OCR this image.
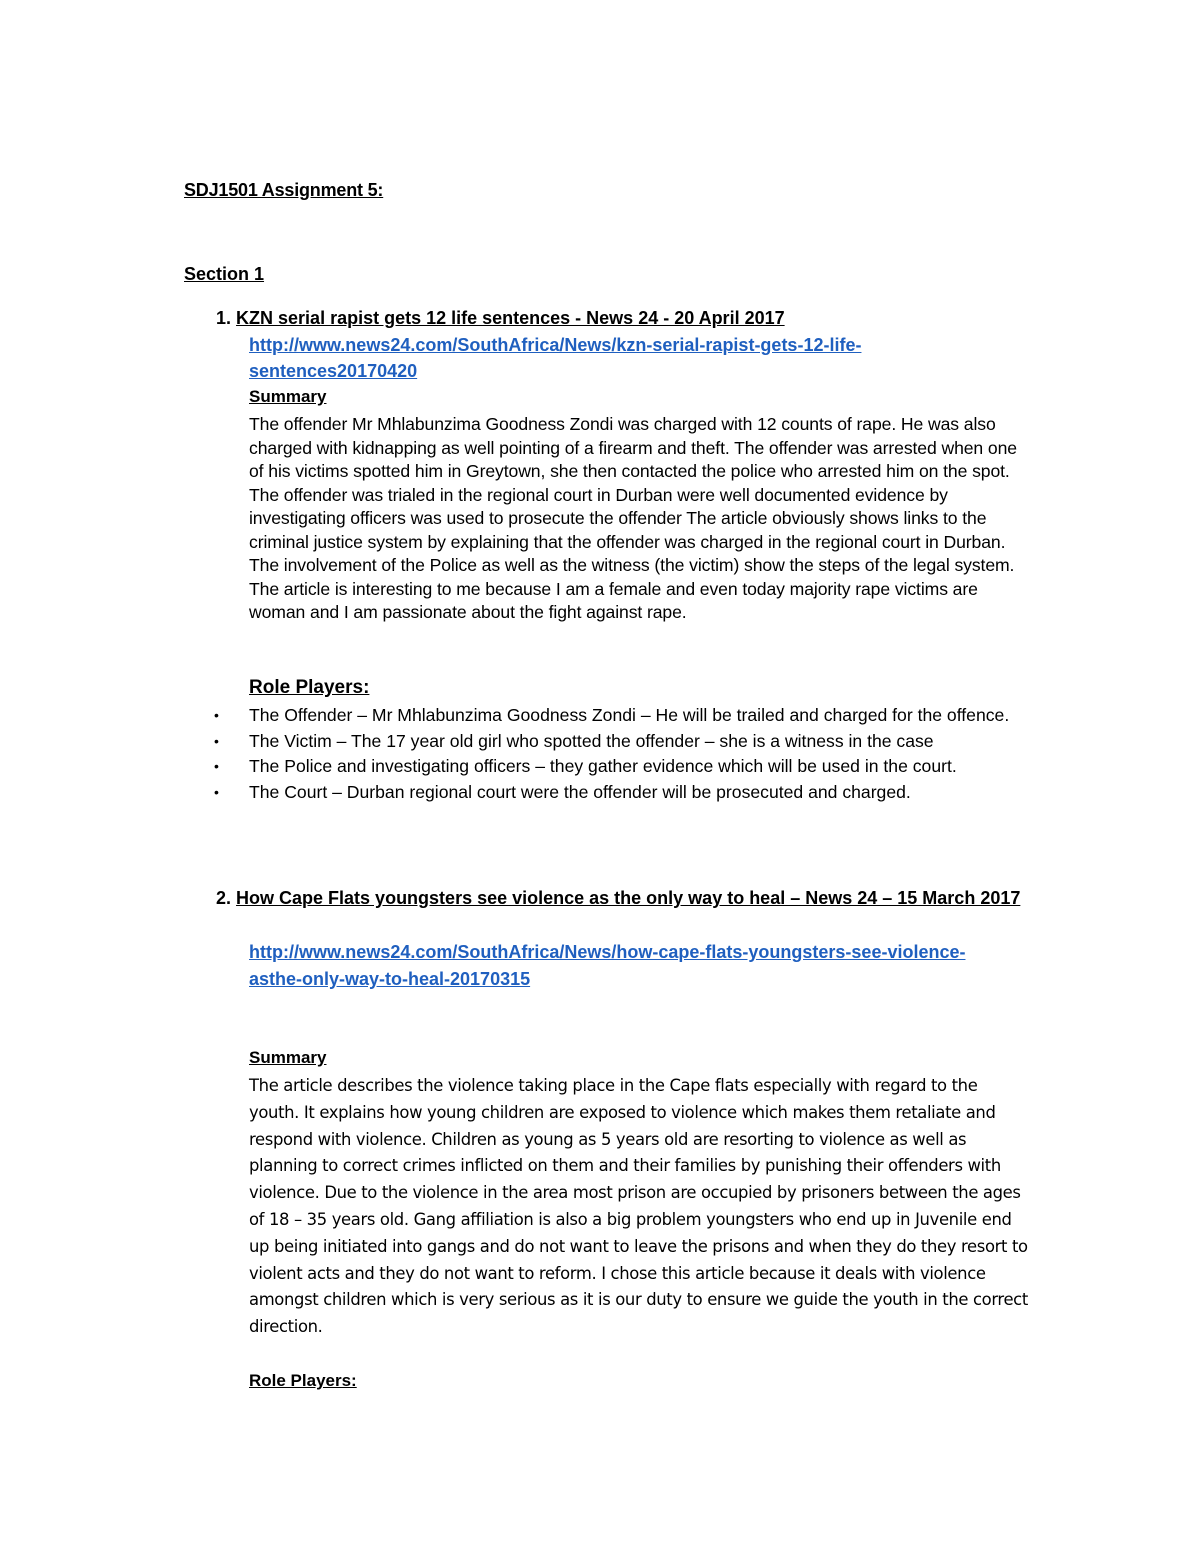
SDJ1501 Assignment 5:
Section 1
1. KZN serial rapist gets 12 life sentences - News 24 - 20 April 2017
http://www.news24.com/SouthAfrica/News/kzn-serial-rapist-gets-12-life-
sentences20170420
Summary
The offender Mr Mhlabunzima Goodness Zondi was charged with 12 counts of rape. He was also charged with kidnapping as well pointing of a firearm and theft. The offender was arrested when one of his victims spotted him in Greytown, she then contacted the police who arrested him on the spot. The offender was trialed in the regional court in Durban were well documented evidence by investigating officers was used to prosecute the offender The article obviously shows links to the criminal justice system by explaining that the offender was charged in the regional court in Durban. The involvement of the Police as well as the witness (the victim) show the steps of the legal system. The article is interesting to me because I am a female and even today majority rape victims are woman and I am passionate about the fight against rape.
Role Players:
• The Offender – Mr Mhlabunzima Goodness Zondi – He will be trailed and charged for the offence.
• The Victim – The 17 year old girl who spotted the offender – she is a witness in the case
• The Police and investigating officers – they gather evidence which will be used in the court.
• The Court – Durban regional court were the offender will be prosecuted and charged.
2. How Cape Flats youngsters see violence as the only way to heal – News 24 – 15 March 2017
http://www.news24.com/SouthAfrica/News/how-cape-flats-youngsters-see-violence-
asthe-only-way-to-heal-20170315
Summary
The article describes the violence taking place in the Cape flats especially with regard to the youth. It explains how young children are exposed to violence which makes them retaliate and respond with violence. Children as young as 5 years old are resorting to violence as well as planning to correct crimes inflicted on them and their families by punishing their offenders with violence. Due to the violence in the area most prison are occupied by prisoners between the ages of 18 – 35 years old. Gang affiliation is also a big problem youngsters who end up in Juvenile end up being initiated into gangs and do not want to leave the prisons and when they do they resort to violent acts and they do not want to reform. I chose this article because it deals with violence amongst children which is very serious as it is our duty to ensure we guide the youth in the correct direction.
Role Players:
